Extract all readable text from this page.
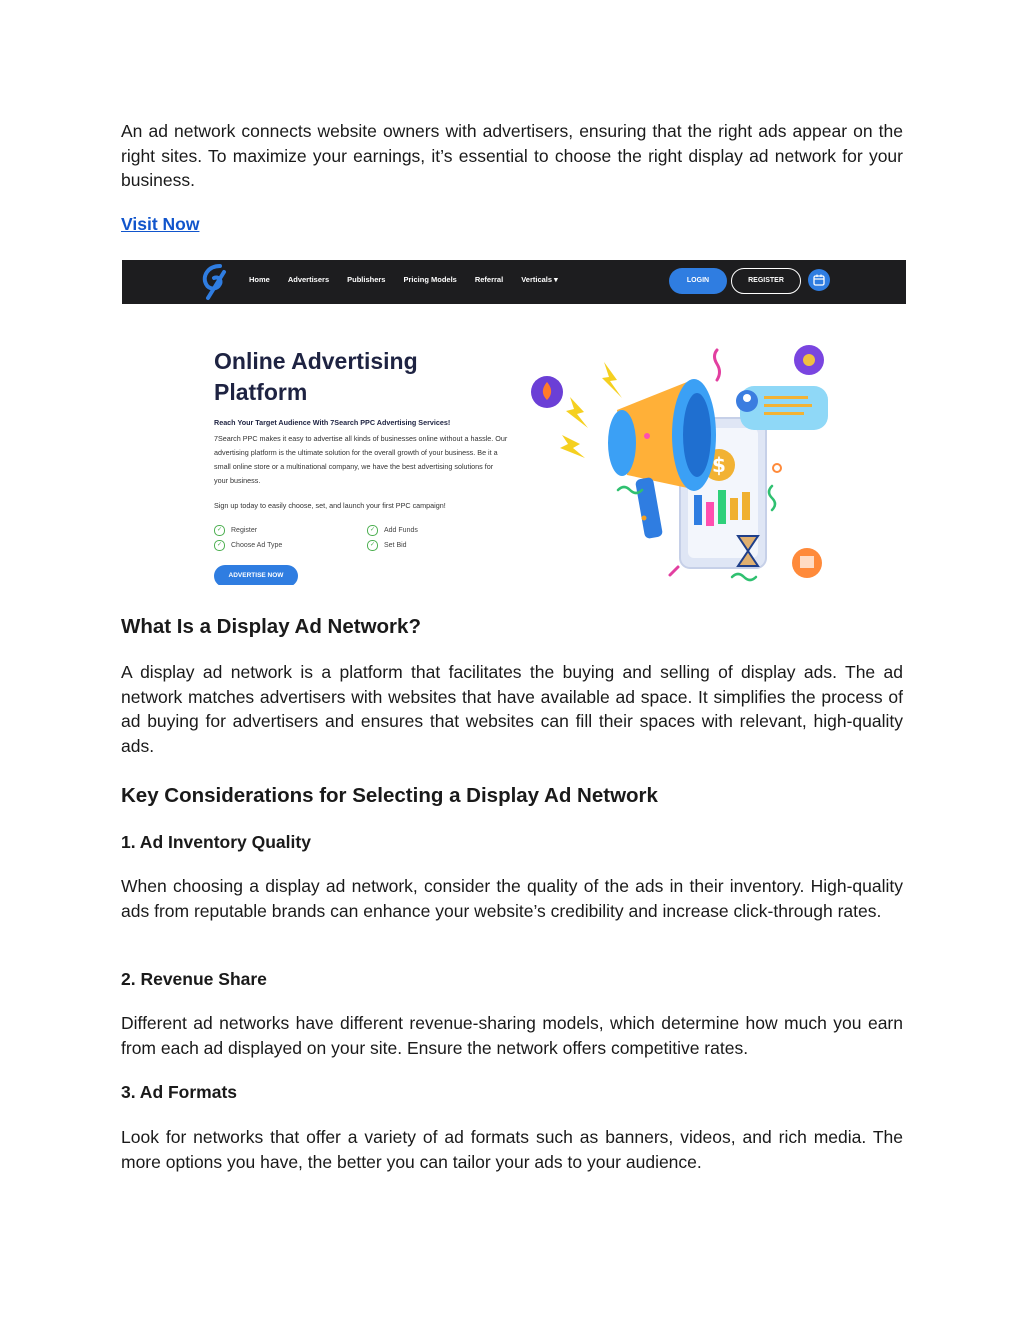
An ad network connects website owners with advertisers, ensuring that the right ads appear on the right sites. To maximize your earnings, it’s essential to choose the right display ad network for your business.

Visit Now
Home Advertisers Publishers Pricing Models Referral Verticals ▾	LOGIN	REGISTER
Online Advertising
Platform
Reach Your Target Audience With 7Search PPC Advertising Services!
7Search PPC makes it easy to advertise all kinds of businesses online without a hassle. Our advertising platform is the ultimate solution for the overall growth of your business. Be it a small online store or a multinational company, we have the best advertising solutions for your business.
Sign up today to easily choose, set, and launch your first PPC campaign!
✓	Register	✓	Add Funds
✓	Choose Ad Type	✓	Set Bid
ADVERTISE NOW
$
What Is a Display Ad Network?

A display ad network is a platform that facilitates the buying and selling of display ads. The ad network matches advertisers with websites that have available ad space. It simplifies the process of ad buying for advertisers and ensures that websites can fill their spaces with relevant, high-quality ads.

Key Considerations for Selecting a Display Ad Network
1. Ad Inventory Quality

When choosing a display ad network, consider the quality of the ads in their inventory. High-quality ads from reputable brands can enhance your website’s credibility and increase click-through rates.

2. Revenue Share

Different ad networks have different revenue-sharing models, which determine how much you earn from each ad displayed on your site. Ensure the network offers competitive rates.

3. Ad Formats

Look for networks that offer a variety of ad formats such as banners, videos, and rich media. The more options you have, the better you can tailor your ads to your audience.
